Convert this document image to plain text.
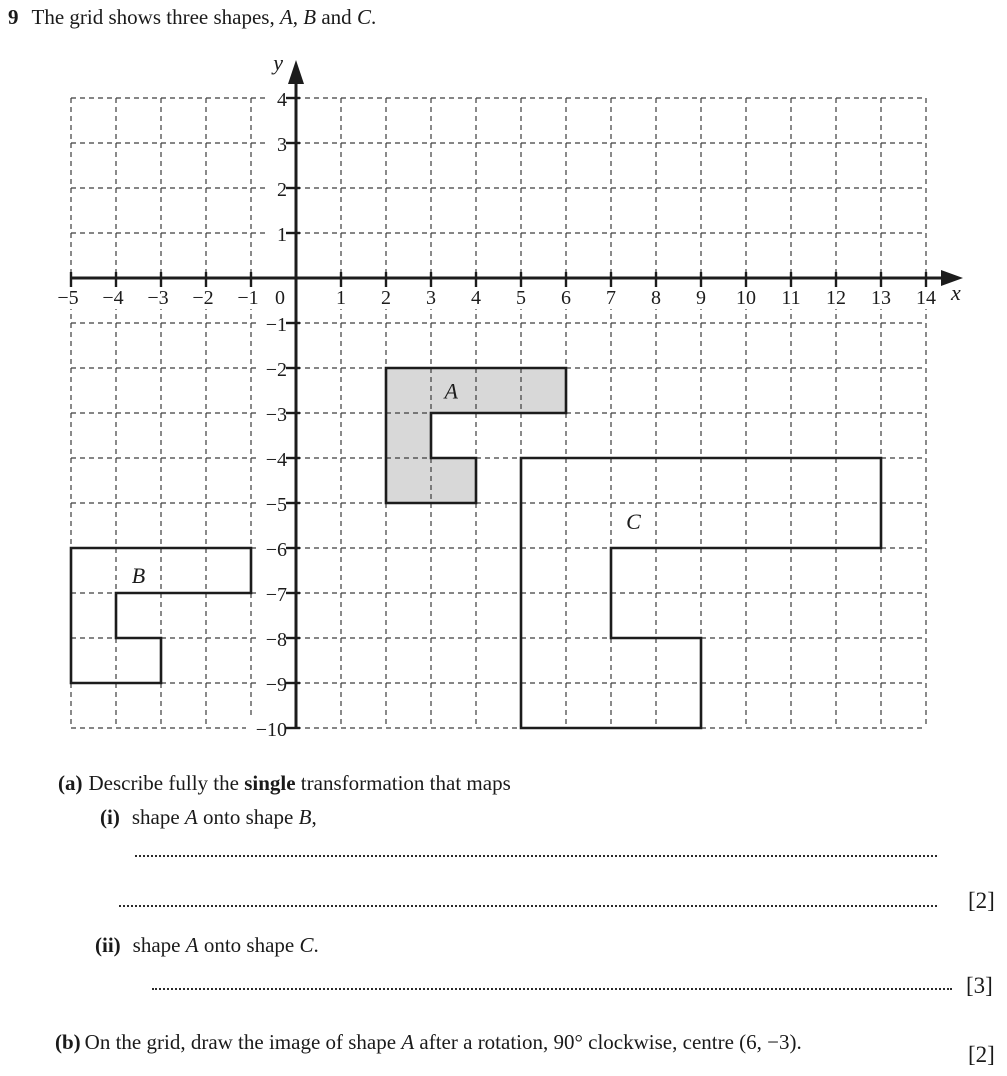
9 The grid shows three shapes, A, B and C.
−5 −4 −3 −2 −1	1 2 3 4 5 6 7 8 9 10 11 12 13 14
4
3
2
1
−1
−2
−3
−4
−5
−6
−7
−8
−9
−10
0	x
y
A
B
C
(a) Describe fully the single transformation that maps
(i) shape A onto shape B,
[2]
(ii) shape A onto shape C.
[3]
(b) On the grid, draw the image of shape A after a rotation, 90° clockwise, centre (6, −3).	[2]
